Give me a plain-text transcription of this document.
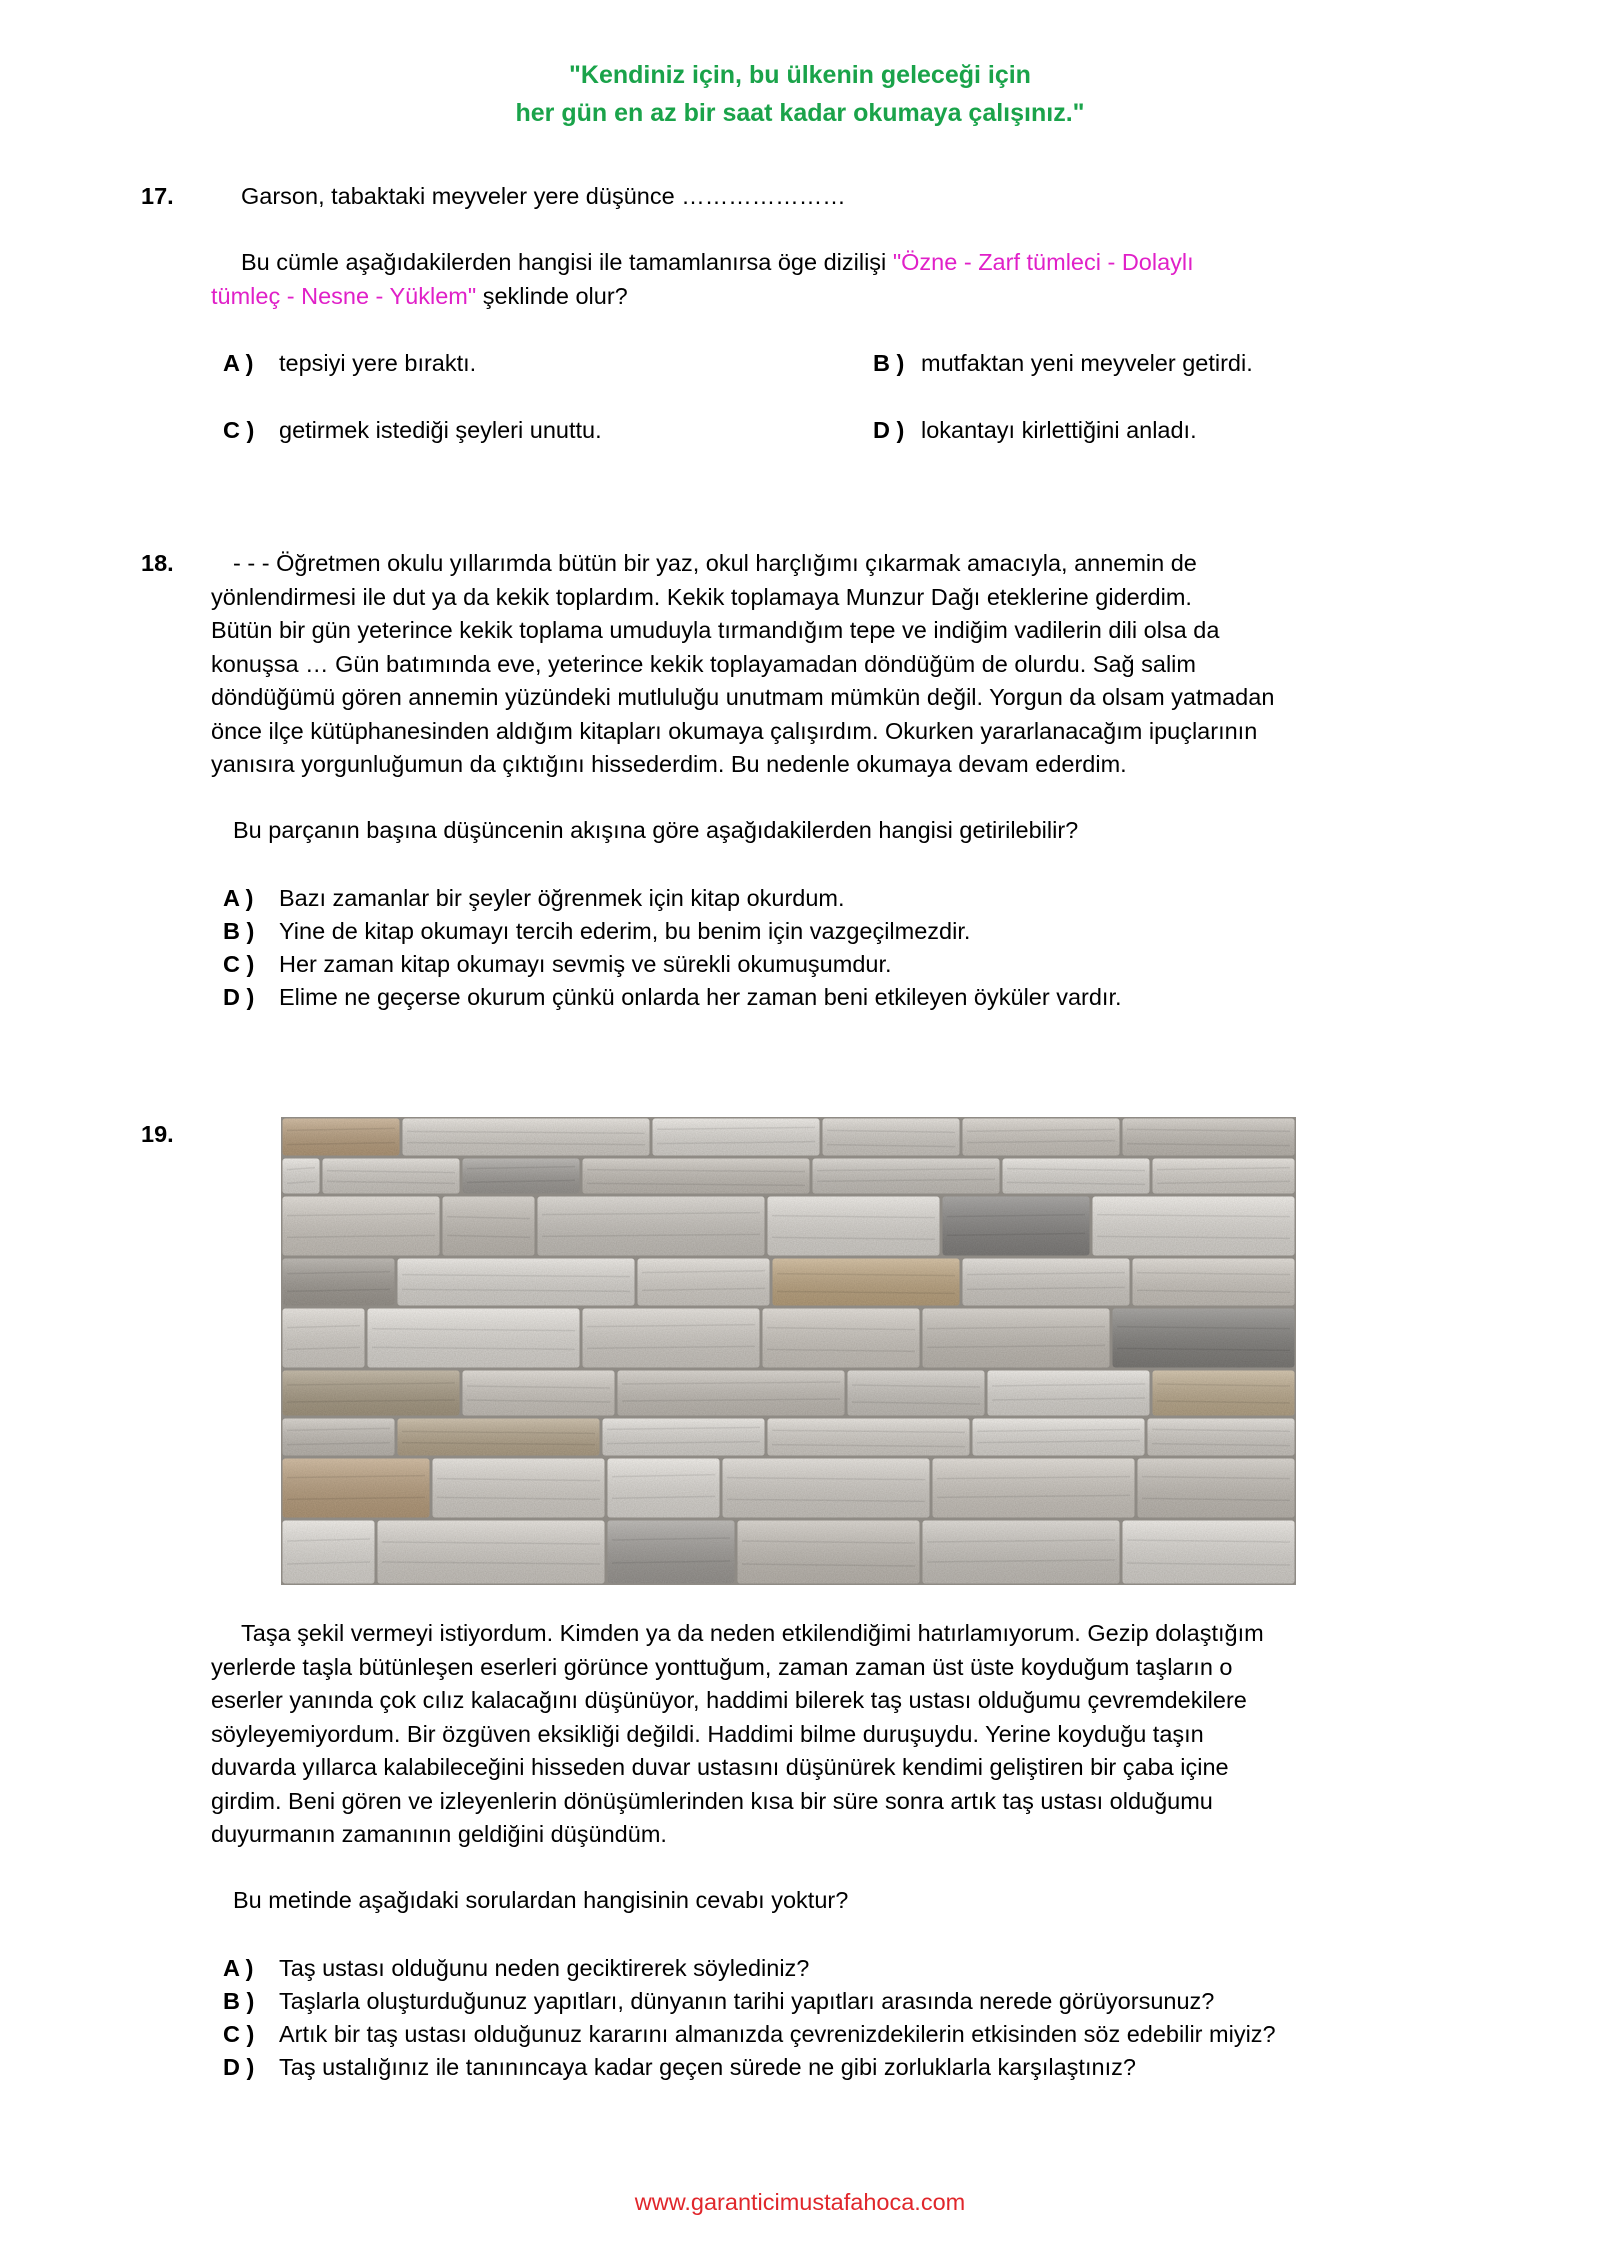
"Kendiniz için, bu ülkenin geleceği için
her gün en az bir saat kadar okumaya çalışınız."
17.	Garson, tabaktaki meyveler yere düşünce …………………

Bu cümle aşağıdakilerden hangisi ile tamamlanırsa öge dizilişi "Özne - Zarf tümleci - Dolaylı

tümleç - Nesne - Yüklem" şeklinde olur?

A ) tepsiyi yere bıraktı.	B ) mutfaktan yeni meyveler getirdi.
C ) getirmek istediği şeyleri unuttu.	D ) lokantayı kirlettiğini anladı.
18.	- - - Öğretmen okulu yıllarımda bütün bir yaz, okul harçlığımı çıkarmak amacıyla, annemin de

yönlendirmesi ile dut ya da kekik toplardım. Kekik toplamaya Munzur Dağı eteklerine giderdim.

Bütün bir gün yeterince kekik toplama umuduyla tırmandığım tepe ve indiğim vadilerin dili olsa da

konuşsa … Gün batımında eve, yeterince kekik toplayamadan döndüğüm de olurdu. Sağ salim

döndüğümü gören annemin yüzündeki mutluluğu unutmam mümkün değil. Yorgun da olsam yatmadan

önce ilçe kütüphanesinden aldığım kitapları okumaya çalışırdım. Okurken yararlanacağım ipuçlarının

yanısıra yorgunluğumun da çıktığını hissederdim. Bu nedenle okumaya devam ederdim.

Bu parçanın başına düşüncenin akışına göre aşağıdakilerden hangisi getirilebilir?
A ) Bazı zamanlar bir şeyler öğrenmek için kitap okurdum.
B ) Yine de kitap okumayı tercih ederim, bu benim için vazgeçilmezdir.
C ) Her zaman kitap okumayı sevmiş ve sürekli okumuşumdur.
D ) Elime ne geçerse okurum çünkü onlarda her zaman beni etkileyen öyküler vardır.
19.

Taşa şekil vermeyi istiyordum. Kimden ya da neden etkilendiğimi hatırlamıyorum. Gezip dolaştığım

yerlerde taşla bütünleşen eserleri görünce yonttuğum, zaman zaman üst üste koyduğum taşların o

eserler yanında çok cılız kalacağını düşünüyor, haddimi bilerek taş ustası olduğumu çevremdekilere

söyleyemiyordum. Bir özgüven eksikliği değildi. Haddimi bilme duruşuydu. Yerine koyduğu taşın

duvarda yıllarca kalabileceğini hisseden duvar ustasını düşünürek kendimi geliştiren bir çaba içine

girdim. Beni gören ve izleyenlerin dönüşümlerinden kısa bir süre sonra artık taş ustası olduğumu

duyurmanın zamanının geldiğini düşündüm.

Bu metinde aşağıdaki sorulardan hangisinin cevabı yoktur?
A ) Taş ustası olduğunu neden geciktirerek söylediniz?
B ) Taşlarla oluşturduğunuz yapıtları, dünyanın tarihi yapıtları arasında nerede görüyorsunuz?
C ) Artık bir taş ustası olduğunuz kararını almanızda çevrenizdekilerin etkisinden söz edebilir miyiz?
D ) Taş ustalığınız ile tanınıncaya kadar geçen sürede ne gibi zorluklarla karşılaştınız?
www.garanticimustafahoca.com
